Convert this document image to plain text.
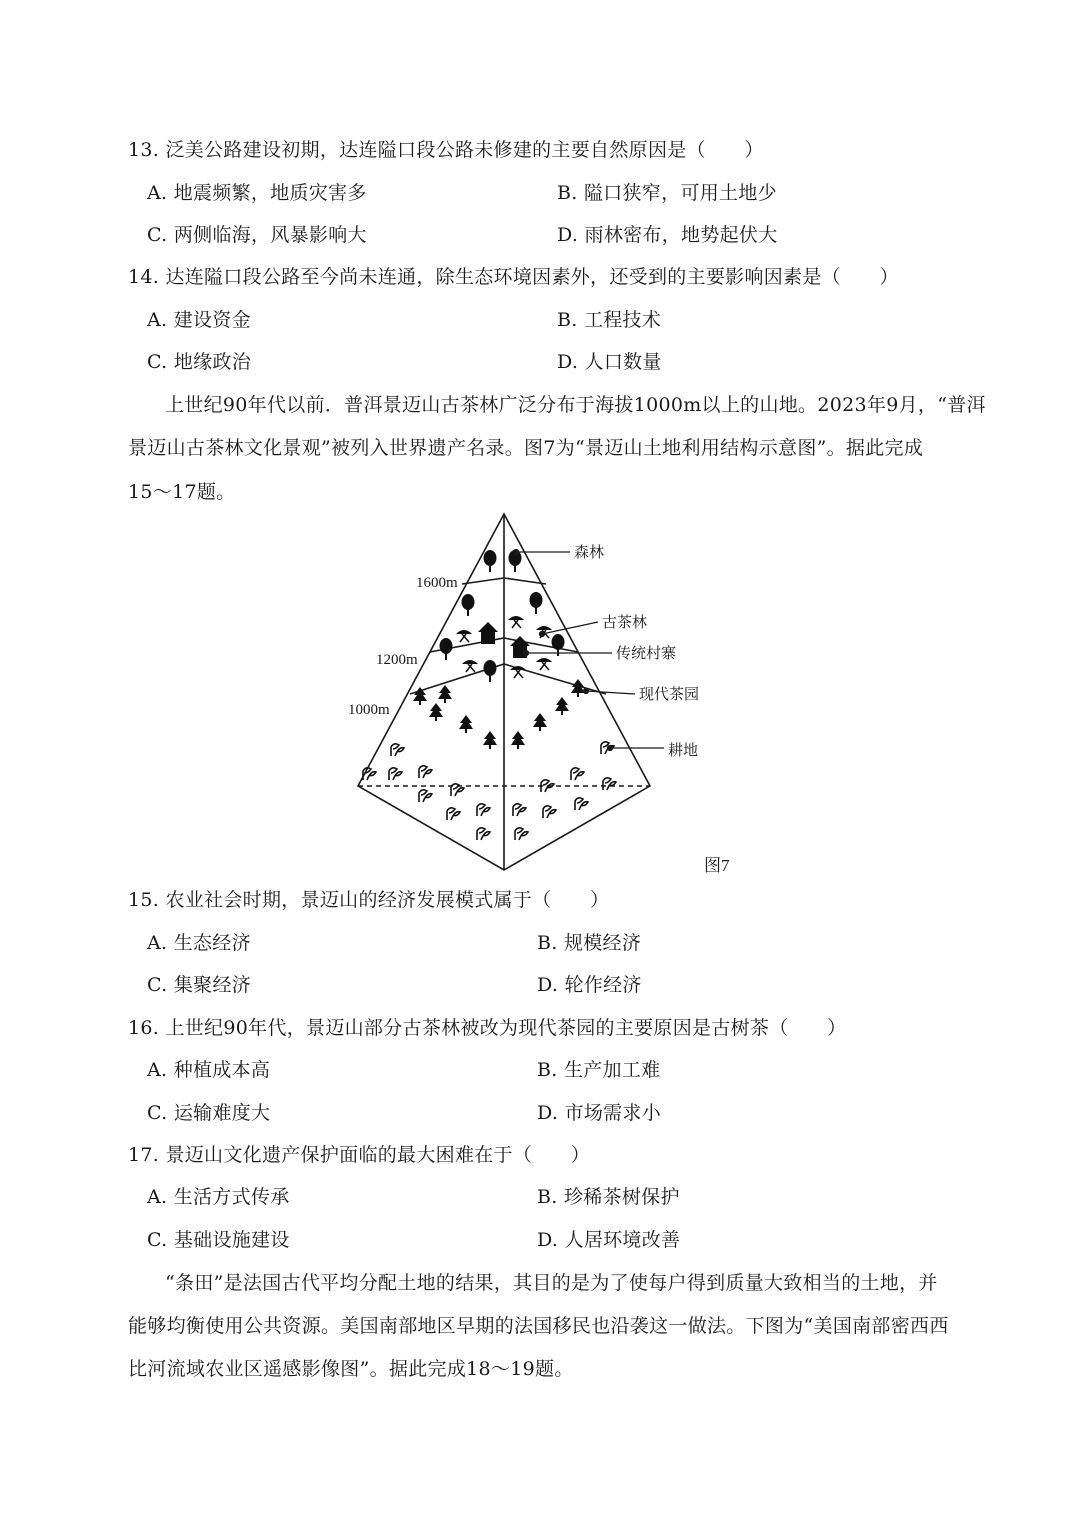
13. 泛美公路建设初期，达连隘口段公路未修建的主要自然原因是（　　）
A. 地震频繁，地质灾害多	B. 隘口狭窄，可用土地少
C. 两侧临海，风暴影响大	D. 雨林密布，地势起伏大
14. 达连隘口段公路至今尚未连通，除生态环境因素外，还受到的主要影响因素是（　　）
A. 建设资金	B. 工程技术
C. 地缘政治	D. 人口数量
上世纪90年代以前．普洱景迈山古茶林广泛分布于海拔1000m以上的山地。2023年9月，“普洱
景迈山古茶林文化景观”被列入世界遗产名录。图7为“景迈山土地利用结构示意图”。据此完成
15～17题。
森林
古茶林
传统村寨
现代茶园
耕地
1600m
1200m
1000m
图7
15. 农业社会时期，景迈山的经济发展模式属于（　　）
A. 生态经济	B. 规模经济
C. 集聚经济	D. 轮作经济
16. 上世纪90年代，景迈山部分古茶林被改为现代茶园的主要原因是古树茶（　　）
A. 种植成本高	B. 生产加工难
C. 运输难度大	D. 市场需求小
17. 景迈山文化遗产保护面临的最大困难在于（　　）
A. 生活方式传承	B. 珍稀茶树保护
C. 基础设施建设	D. 人居环境改善
“条田”是法国古代平均分配土地的结果，其目的是为了使每户得到质量大致相当的土地，并
能够均衡使用公共资源。美国南部地区早期的法国移民也沿袭这一做法。下图为“美国南部密西西
比河流域农业区遥感影像图”。据此完成18～19题。
